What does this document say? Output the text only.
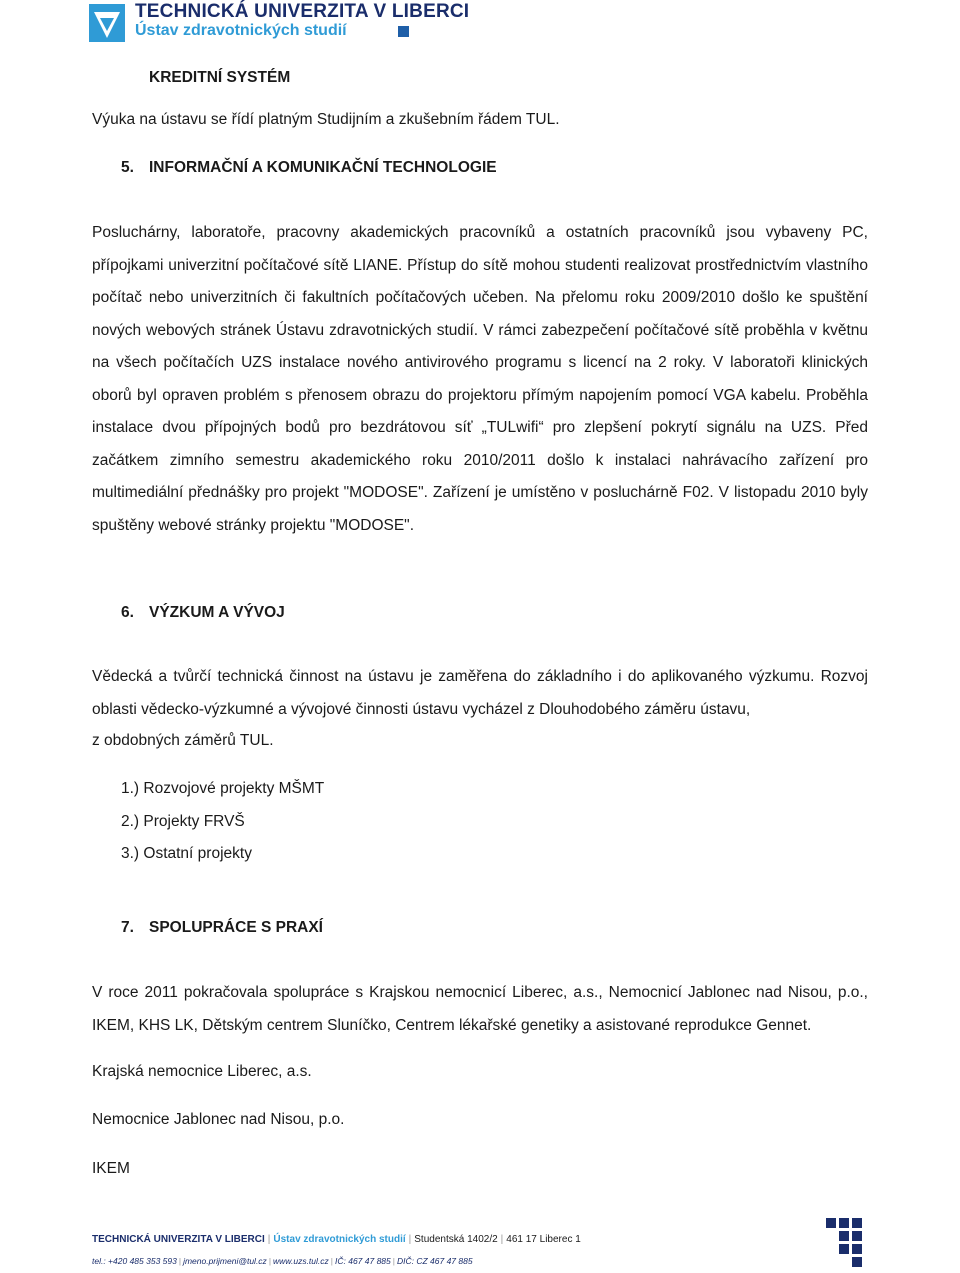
TECHNICKÁ UNIVERZITA V LIBERCI
Ústav zdravotnických studií
KREDITNÍ SYSTÉM
Výuka na ústavu se řídí platným Studijním a zkušebním řádem TUL.
5. INFORMAČNÍ A KOMUNIKAČNÍ TECHNOLOGIE
Posluchárny, laboratoře, pracovny akademických pracovníků a ostatních pracovníků jsou vybaveny PC, přípojkami univerzitní počítačové sítě LIANE. Přístup do sítě mohou studenti realizovat prostřednictvím vlastního počítač nebo univerzitních či fakultních počítačových učeben. Na přelomu roku 2009/2010 došlo ke spuštění nových webových stránek Ústavu zdravotnických studií. V rámci zabezpečení počítačové sítě proběhla v květnu na všech počítačích UZS instalace nového antivirového programu s licencí na 2 roky. V laboratoři klinických oborů byl opraven problém s přenosem obrazu do projektoru přímým napojením pomocí VGA kabelu. Proběhla instalace dvou přípojných bodů pro bezdrátovou síť „TULwifi“ pro zlepšení pokrytí signálu na UZS. Před začátkem zimního semestru akademického roku 2010/2011 došlo k instalaci nahrávacího zařízení pro multimediální přednášky pro projekt "MODOSE". Zařízení je umístěno v posluchárně F02. V listopadu 2010 byly spuštěny webové stránky projektu "MODOSE".
6. VÝZKUM A VÝVOJ
Vědecká a tvůrčí technická činnost na ústavu je zaměřena do základního i do aplikovaného výzkumu. Rozvoj oblasti vědecko-výzkumné a vývojové činnosti ústavu vycházel z Dlouhodobého záměru ústavu,
z obdobných záměrů TUL.
1.) Rozvojové projekty MŠMT
2.) Projekty FRVŠ
3.) Ostatní projekty
7. SPOLUPRÁCE S PRAXÍ
V roce 2011 pokračovala spolupráce s Krajskou nemocnicí Liberec, a.s., Nemocnicí Jablonec nad Nisou, p.o., IKEM, KHS LK, Dětským centrem Sluníčko, Centrem lékařské genetiky a asistované reprodukce Gennet.
Krajská nemocnice Liberec, a.s.
Nemocnice Jablonec nad Nisou, p.o.
IKEM
TECHNICKÁ UNIVERZITA V LIBERCI | Ústav zdravotnických studií | Studentská 1402/2 | 461 17 Liberec 1
tel.: +420 485 353 593 | jmeno.prijmeni@tul.cz | www.uzs.tul.cz | IČ: 467 47 885 | DIČ: CZ 467 47 885
